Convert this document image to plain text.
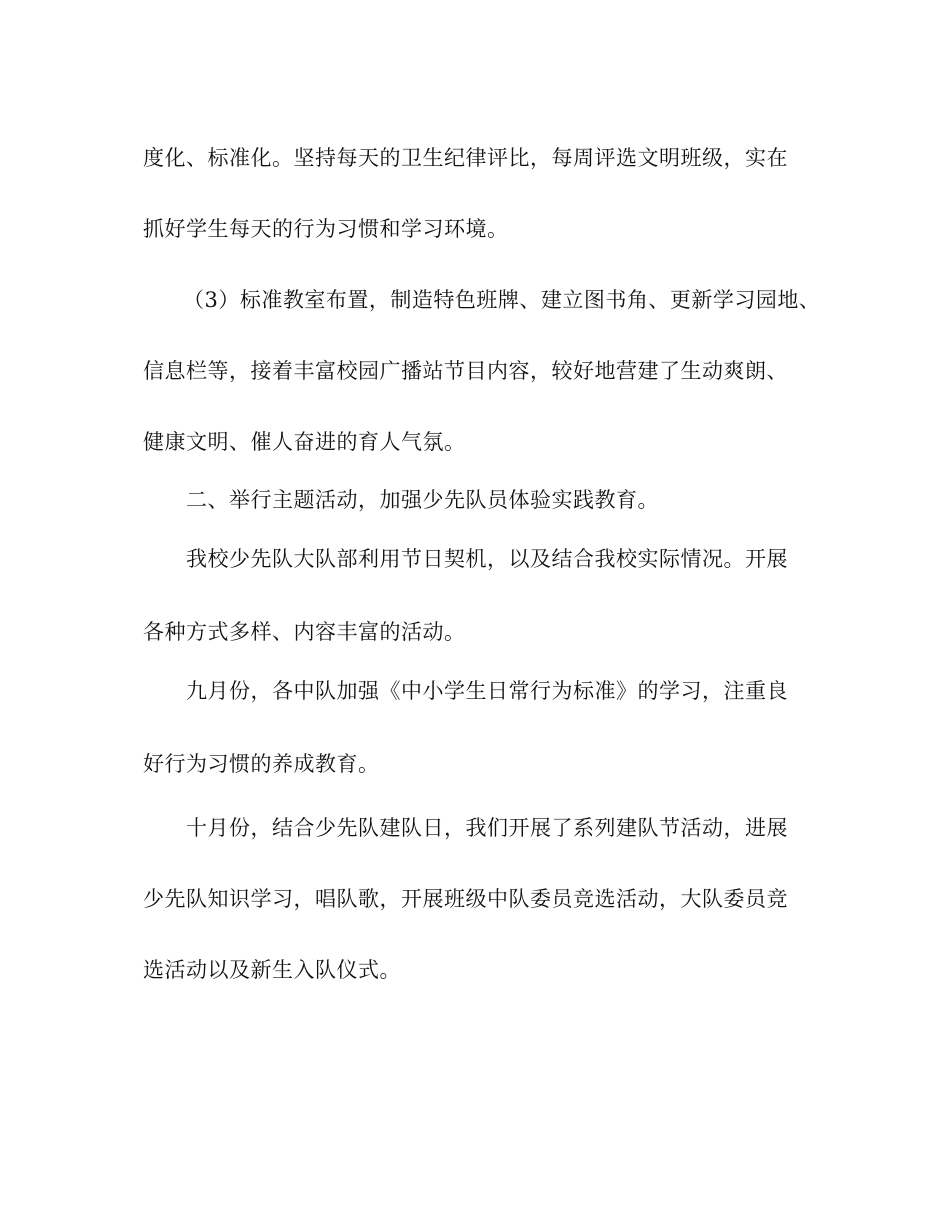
度化、标准化。坚持每天的卫生纪律评比，每周评选文明班级，实在
抓好学生每天的行为习惯和学习环境。
（3）标准教室布置，制造特色班牌、建立图书角、更新学习园地、
信息栏等，接着丰富校园广播站节目内容，较好地营建了生动爽朗、
健康文明、催人奋进的育人气氛。
二、举行主题活动，加强少先队员体验实践教育。
我校少先队大队部利用节日契机，以及结合我校实际情况。开展
各种方式多样、内容丰富的活动。
九月份，各中队加强《中小学生日常行为标准》的学习，注重良
好行为习惯的养成教育。
十月份，结合少先队建队日，我们开展了系列建队节活动，进展
少先队知识学习，唱队歌，开展班级中队委员竞选活动，大队委员竞
选活动以及新生入队仪式。
